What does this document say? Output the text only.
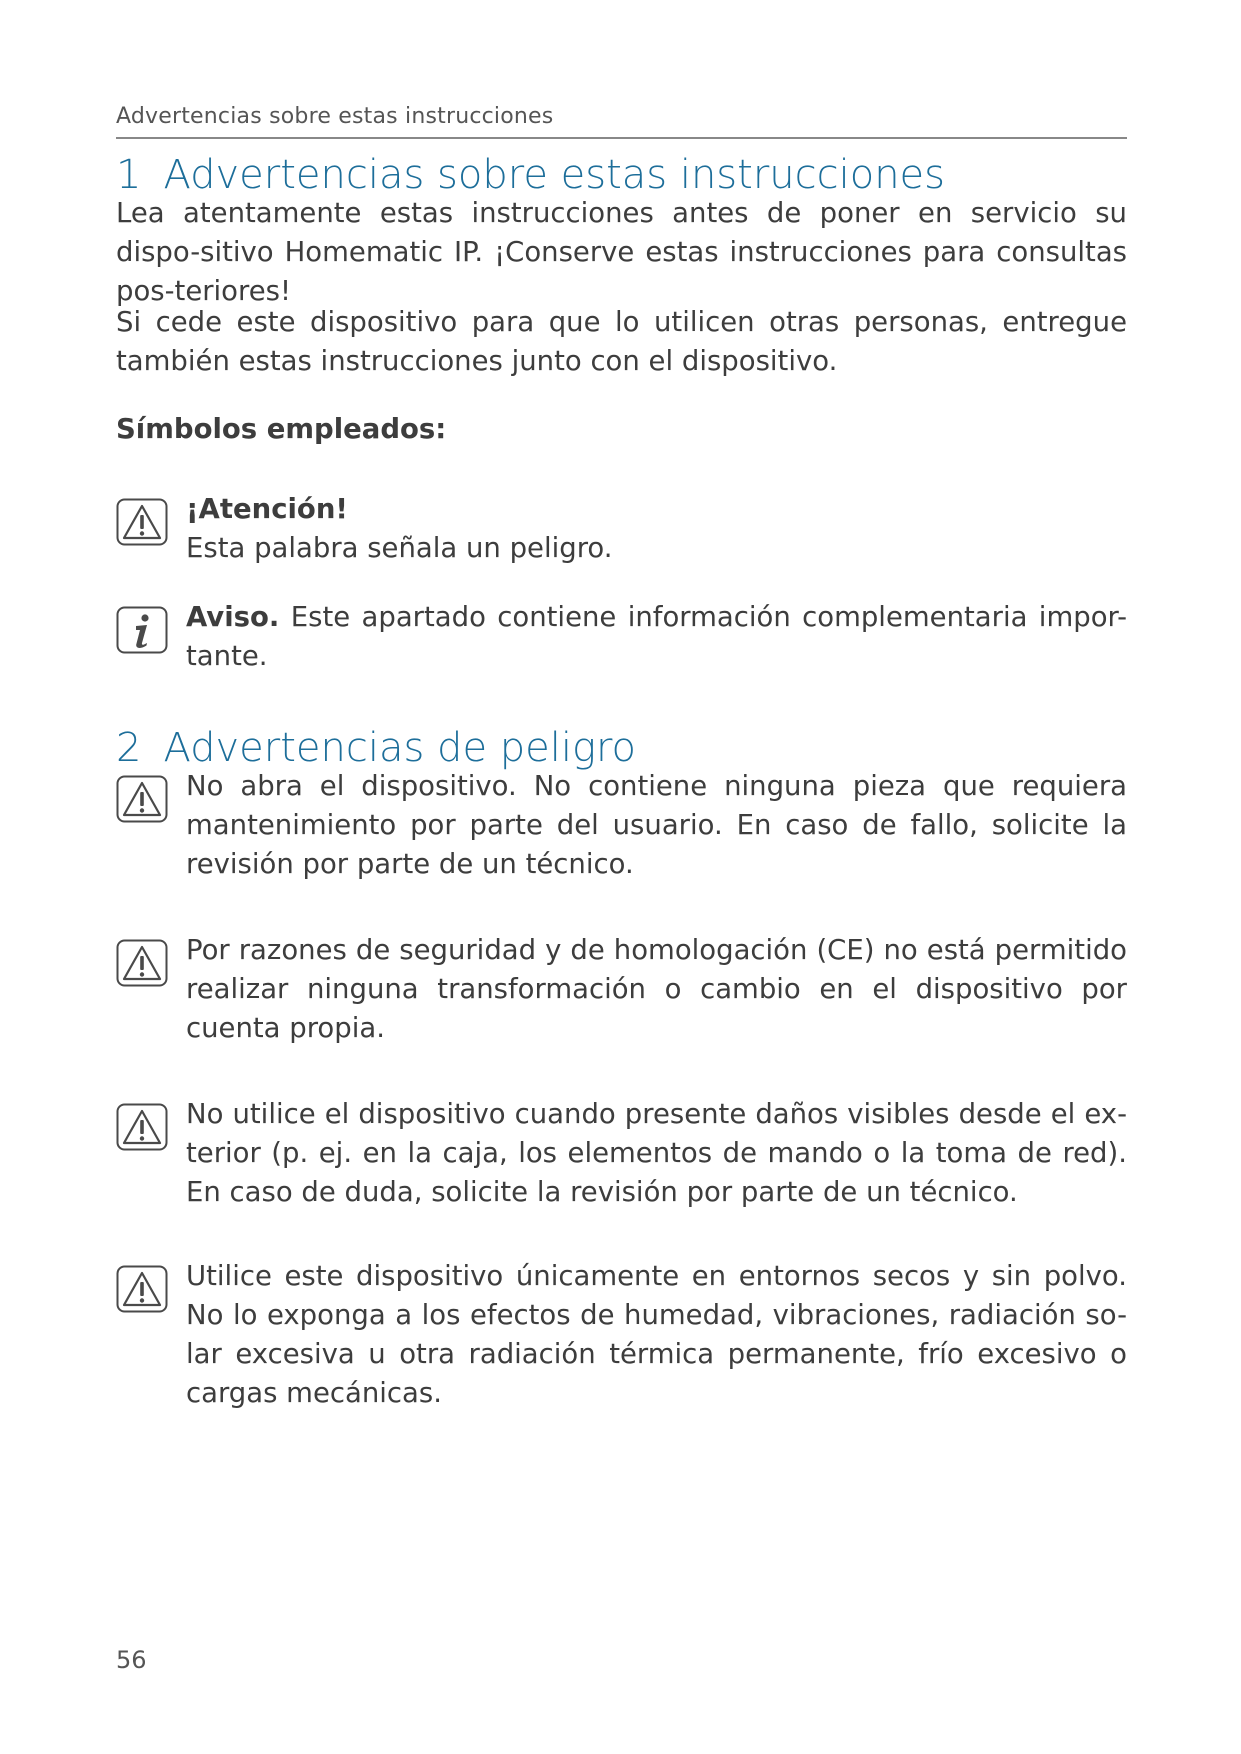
Advertencias sobre estas instrucciones
1 Advertencias sobre estas instrucciones
Lea atentamente estas instrucciones antes de poner en servicio su dispo-sitivo Homematic IP. ¡Conserve estas instrucciones para consultas pos-teriores!
Si cede este dispositivo para que lo utilicen otras personas, entregue también estas instrucciones junto con el dispositivo.
Símbolos empleados:
¡Atención!
Esta palabra señala un peligro.
Aviso. Este apartado contiene información complementaria impor-tante.
2 Advertencias de peligro
No abra el dispositivo. No contiene ninguna pieza que requiera mantenimiento por parte del usuario. En caso de fallo, solicite la revisión por parte de un técnico.
Por razones de seguridad y de homologación (CE) no está permitido realizar ninguna transformación o cambio en el dispositivo por cuenta propia.
No utilice el dispositivo cuando presente daños visibles desde el ex-terior (p. ej. en la caja, los elementos de mando o la toma de red). En caso de duda, solicite la revisión por parte de un técnico.
Utilice este dispositivo únicamente en entornos secos y sin polvo. No lo exponga a los efectos de humedad, vibraciones, radiación so-lar excesiva u otra radiación térmica permanente, frío excesivo o cargas mecánicas.
56
